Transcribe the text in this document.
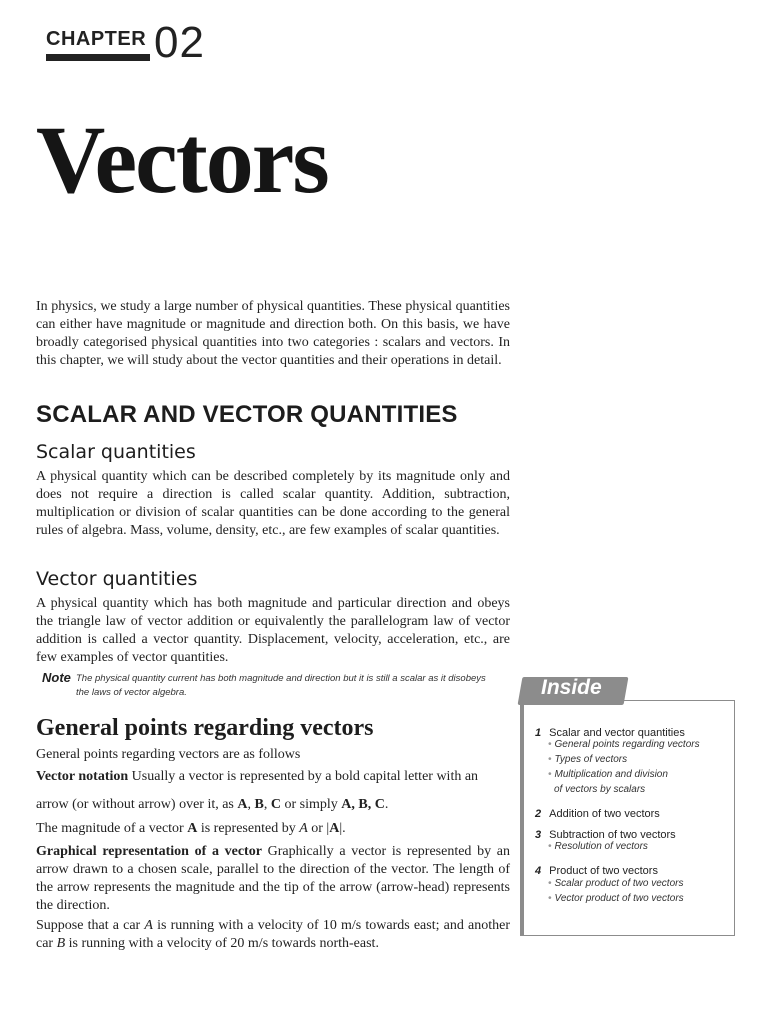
CHAPTER 02
Vectors

In physics, we study a large number of physical quantities. These physical quantities can either have magnitude or magnitude and direction both. On this basis, we have broadly categorised physical quantities into two categories : scalars and vectors. In this chapter, we will study about the vector quantities and their operations in detail.

SCALAR AND VECTOR QUANTITIES
Scalar quantities

A physical quantity which can be described completely by its magnitude only and does not require a direction is called scalar quantity. Addition, subtraction, multiplication or division of scalar quantities can be done according to the general rules of algebra. Mass, volume, density, etc., are few examples of scalar quantities.

Vector quantities

A physical quantity which has both magnitude and particular direction and obeys the triangle law of vector addition or equivalently the parallelogram law of vector addition is called a vector quantity. Displacement, velocity, acceleration, etc., are few examples of vector quantities.

Note The physical quantity current has both magnitude and direction but it is still a scalar as it disobeys the laws of vector algebra.
General points regarding vectors

General points regarding vectors are as follows

Vector notation Usually a vector is represented by a bold capital letter with an

arrow (or without arrow) over it, as A, B, C or simply A, B, C.

The magnitude of a vector A is represented by A or |A|.

Graphical representation of a vector Graphically a vector is represented by an arrow drawn to a chosen scale, parallel to the direction of the vector. The length of the arrow represents the magnitude and the tip of the arrow (arrow-head) represents the direction.

Suppose that a car A is running with a velocity of 10 m/s towards east; and another car B is running with a velocity of 20 m/s towards north-east.

Inside
1 Scalar and vector quantities
• General points regarding vectors
• Types of vectors
• Multiplication and division
of vectors by scalars
2 Addition of two vectors
3 Subtraction of two vectors
• Resolution of vectors
4 Product of two vectors
• Scalar product of two vectors
• Vector product of two vectors
